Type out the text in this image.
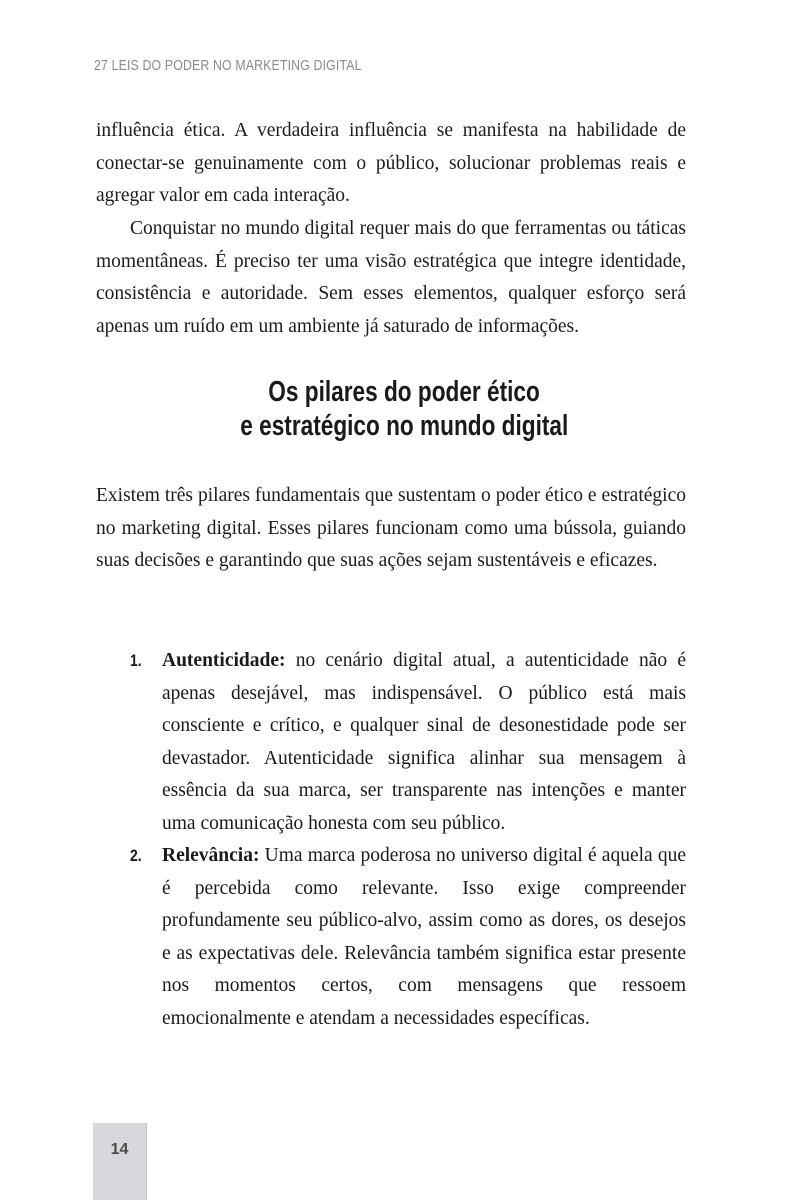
27 LEIS DO PODER NO MARKETING DIGITAL

influência ética. A verdadeira influência se manifesta na habilidade de conectar-se genuinamente com o público, solucionar problemas reais e agregar valor em cada interação.

Conquistar no mundo digital requer mais do que ferramentas ou táticas momentâneas. É preciso ter uma visão estratégica que integre identidade, consistência e autoridade. Sem esses elementos, qualquer esforço será apenas um ruído em um ambiente já saturado de informações.

Os pilares do poder ético
e estratégico no mundo digital

Existem três pilares fundamentais que sustentam o poder ético e estratégico no marketing digital. Esses pilares funcionam como uma bússola, guiando suas decisões e garantindo que suas ações sejam sustentáveis e eficazes.

1. Autenticidade: no cenário digital atual, a autenticidade não é apenas desejável, mas indispensável. O público está mais consciente e crítico, e qualquer sinal de desonestidade pode ser devastador. Autenticidade significa alinhar sua mensagem à essência da sua marca, ser transparente nas intenções e manter uma comunicação honesta com seu público.
2. Relevância: Uma marca poderosa no universo digital é aquela que é percebida como relevante. Isso exige compreender profundamente seu público-alvo, assim como as dores, os desejos e as expectativas dele. Relevância também significa estar presente nos momentos certos, com mensagens que ressoem emocionalmente e atendam a necessidades específicas.
14
